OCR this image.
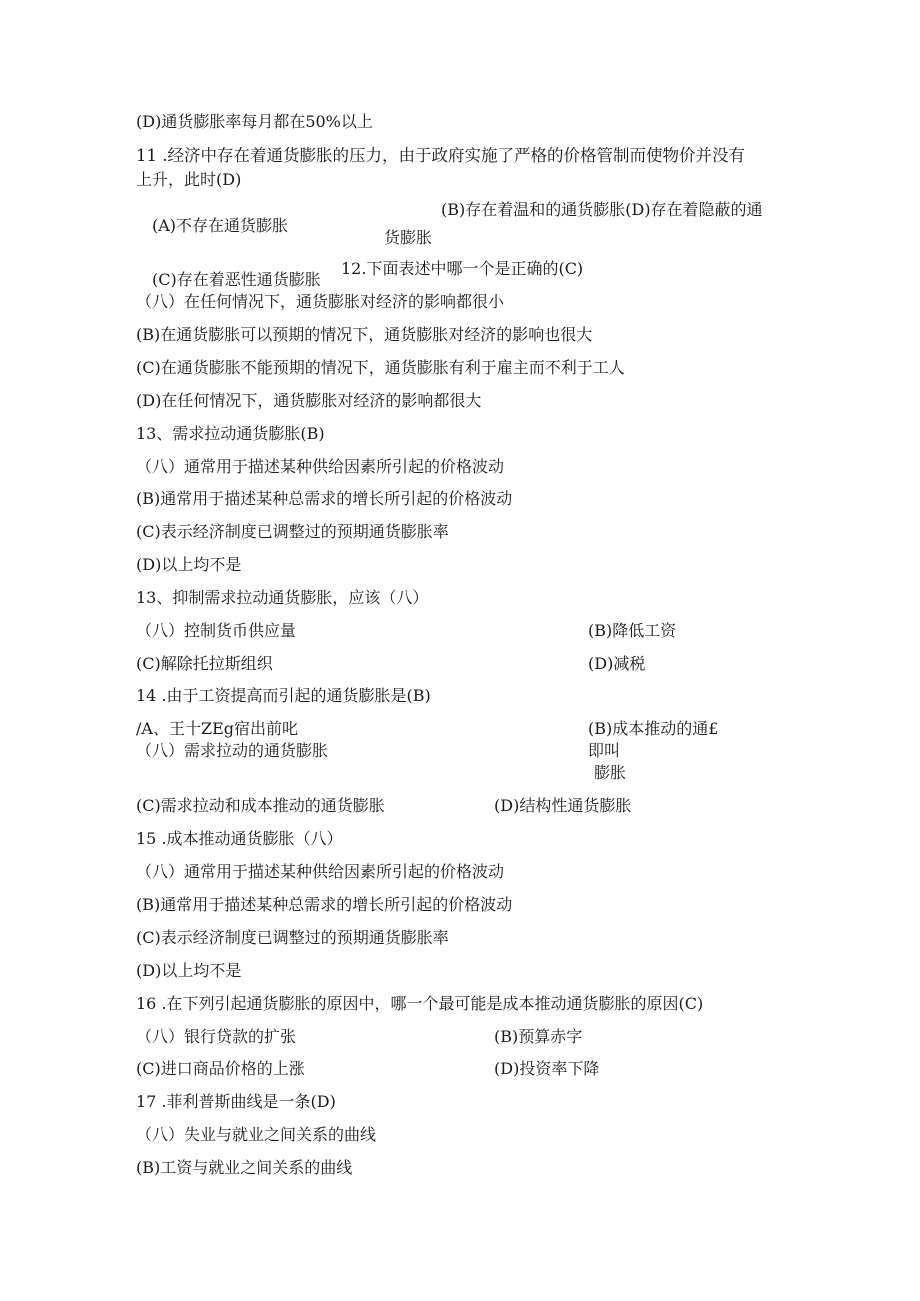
(D)通货膨胀率每月都在50%以上
11 .经济中存在着通货膨胀的压力，由于政府实施了严格的价格管制而使物价并没有
上升，此时(D)
(B)存在着温和的通货膨胀(D)存在着隐蔽的通
(A)不存在通货膨胀
货膨胀
12.下面表述中哪一个是正确的(C)
(C)存在着恶性通货膨胀
（八）在任何情况下，通货膨胀对经济的影响都很小
(B)在通货膨胀可以预期的情况下，通货膨胀对经济的影响也很大
(C)在通货膨胀不能预期的情况下，通货膨胀有利于雇主而不利于工人
(D)在任何情况下，通货膨胀对经济的影响都很大
13、需求拉动通货膨胀(B)
（八）通常用于描述某种供给因素所引起的价格波动
(B)通常用于描述某种总需求的增长所引起的价格波动
(C)表示经济制度已调整过的预期通货膨胀率
(D)以上均不是
13、抑制需求拉动通货膨胀，应该（八）
（八）控制货币供应量	(B)降低工资
(C)解除托拉斯组织	(D)减税
14 .由于工资提高而引起的通货膨胀是(B)
/A、王十ZEg宿出前叱	(B)成本推动的通£
（八）需求拉动的通货膨胀	即叫
膨胀
(C)需求拉动和成本推动的通货膨胀	(D)结构性通货膨胀
15 .成本推动通货膨胀（八）
（八）通常用于描述某种供给因素所引起的价格波动
(B)通常用于描述某种总需求的增长所引起的价格波动
(C)表示经济制度已调整过的预期通货膨胀率
(D)以上均不是
16 .在下列引起通货膨胀的原因中，哪一个最可能是成本推动通货膨胀的原因(C)
（八）银行贷款的扩张	(B)预算赤字
(C)进口商品价格的上涨	(D)投资率下降
17 .菲利普斯曲线是一条(D)
（八）失业与就业之间关系的曲线
(B)工资与就业之间关系的曲线
